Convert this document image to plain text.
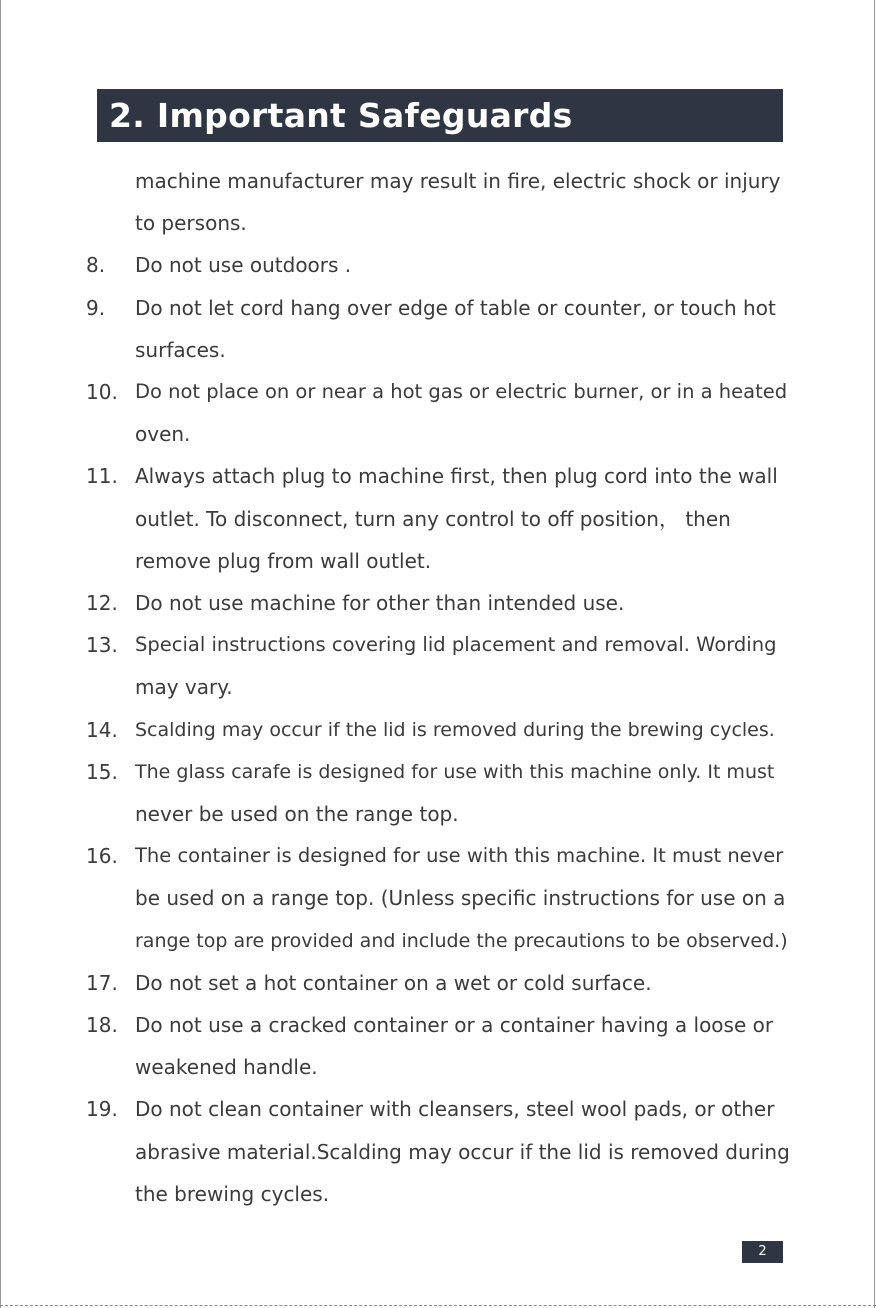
2. Important Safeguards
machine manufacturer may result in fire, electric shock or injury
to persons.
8. Do not use outdoors .
9. Do not let cord hang over edge of table or counter, or touch hot
surfaces.
10. Do not place on or near a hot gas or electric burner, or in a heated
oven.
11. Always attach plug to machine first, then plug cord into the wall
outlet. To disconnect, turn any control to off position， then
remove plug from wall outlet.
12. Do not use machine for other than intended use.
13. Special instructions covering lid placement and removal. Wording
may vary.
14. Scalding may occur if the lid is removed during the brewing cycles.
15. The glass carafe is designed for use with this machine only. It must
never be used on the range top.
16. The container is designed for use with this machine. It must never
be used on a range top. (Unless specific instructions for use on a
range top are provided and include the precautions to be observed.)
17. Do not set a hot container on a wet or cold surface.
18. Do not use a cracked container or a container having a loose or
weakened handle.
19. Do not clean container with cleansers, steel wool pads, or other
abrasive material.Scalding may occur if the lid is removed during
the brewing cycles.
2
